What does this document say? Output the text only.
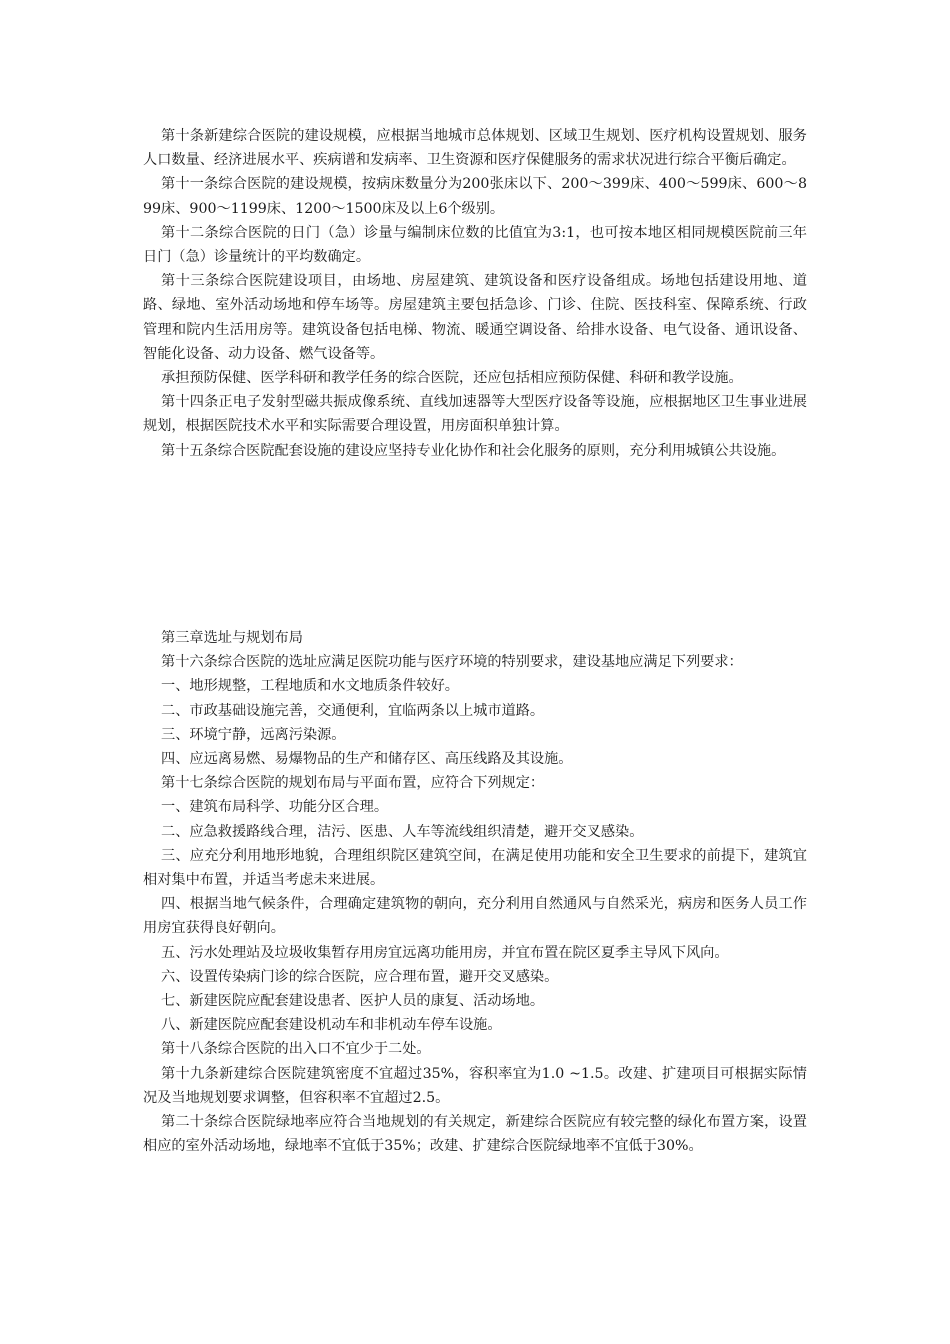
第十条新建综合医院的建设规模，应根据当地城市总体规划、区域卫生规划、医疗机构设置规划、服务人口数量、经济进展水平、疾病谱和发病率、卫生资源和医疗保健服务的需求状况进行综合平衡后确定。

第十一条综合医院的建设规模，按病床数量分为200张床以下、200～399床、400～599床、600～899床、900～1199床、1200～1500床及以上6个级别。

第十二条综合医院的日门（急）诊量与编制床位数的比值宜为3:1，也可按本地区相同规模医院前三年日门（急）诊量统计的平均数确定。

第十三条综合医院建设项目，由场地、房屋建筑、建筑设备和医疗设备组成。场地包括建设用地、道路、绿地、室外活动场地和停车场等。房屋建筑主要包括急诊、门诊、住院、医技科室、保障系统、行政管理和院内生活用房等。建筑设备包括电梯、物流、暖通空调设备、给排水设备、电气设备、通讯设备、智能化设备、动力设备、燃气设备等。

承担预防保健、医学科研和教学任务的综合医院，还应包括相应预防保健、科研和教学设施。

第十四条正电子发射型磁共振成像系统、直线加速器等大型医疗设备等设施，应根据地区卫生事业进展规划，根据医院技术水平和实际需要合理设置，用房面积单独计算。

第十五条综合医院配套设施的建设应坚持专业化协作和社会化服务的原则，充分利用城镇公共设施。

第三章选址与规划布局

第十六条综合医院的选址应满足医院功能与医疗环境的特别要求，建设基地应满足下列要求：

一、地形规整，工程地质和水文地质条件较好。

二、市政基础设施完善，交通便利，宜临两条以上城市道路。

三、环境宁静，远离污染源。

四、应远离易燃、易爆物品的生产和储存区、高压线路及其设施。

第十七条综合医院的规划布局与平面布置，应符合下列规定：

一、建筑布局科学、功能分区合理。

二、应急救援路线合理，洁污、医患、人车等流线组织清楚，避开交叉感染。

三、应充分利用地形地貌，合理组织院区建筑空间，在满足使用功能和安全卫生要求的前提下，建筑宜相对集中布置，并适当考虑未来进展。

四、根据当地气候条件，合理确定建筑物的朝向，充分利用自然通风与自然采光，病房和医务人员工作用房宜获得良好朝向。

五、污水处理站及垃圾收集暂存用房宜远离功能用房，并宜布置在院区夏季主导风下风向。

六、设置传染病门诊的综合医院，应合理布置，避开交叉感染。

七、新建医院应配套建设患者、医护人员的康复、活动场地。

八、新建医院应配套建设机动车和非机动车停车设施。

第十八条综合医院的出入口不宜少于二处。

第十九条新建综合医院建筑密度不宜超过35%，容积率宜为1.0 ~1.5。改建、扩建项目可根据实际情况及当地规划要求调整，但容积率不宜超过2.5。

第二十条综合医院绿地率应符合当地规划的有关规定，新建综合医院应有较完整的绿化布置方案，设置相应的室外活动场地，绿地率不宜低于35%；改建、扩建综合医院绿地率不宜低于30%。
